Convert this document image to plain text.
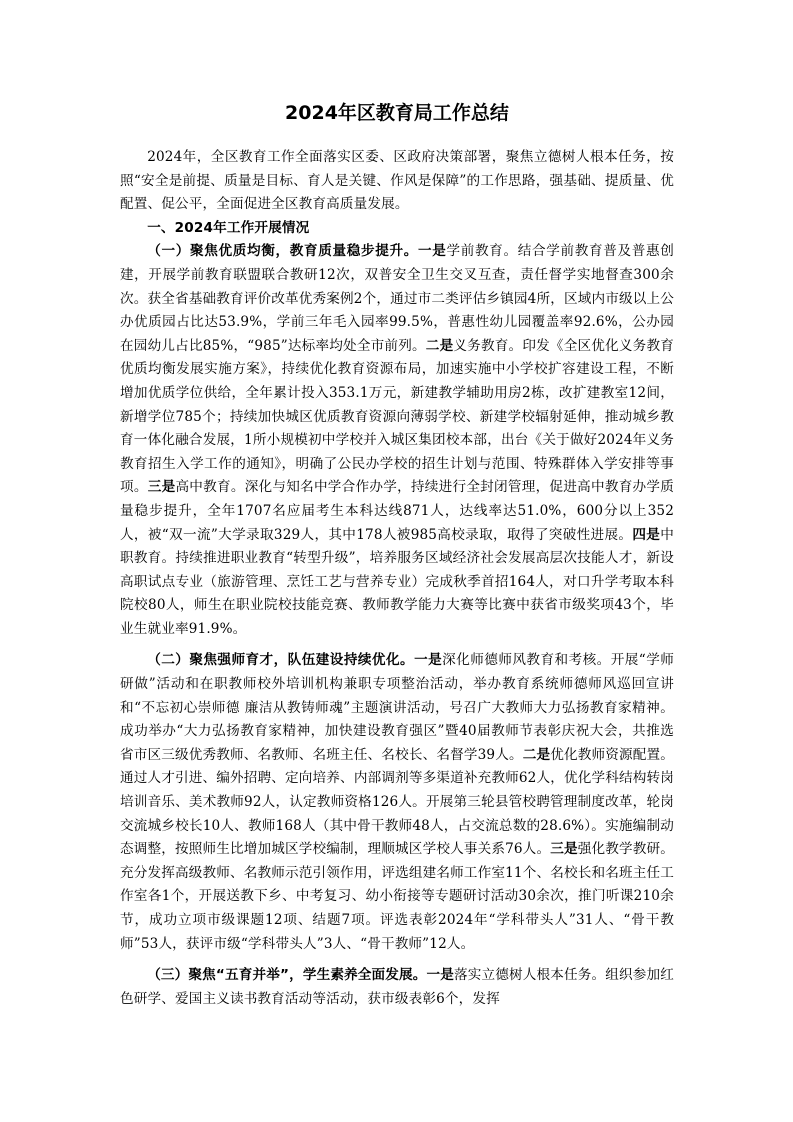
2024年区教育局工作总结

2024年，全区教育工作全面落实区委、区政府决策部署，聚焦立德树人根本任务，按照“安全是前提、质量是目标、育人是关键、作风是保障”的工作思路，强基础、提质量、优配置、促公平，全面促进全区教育高质量发展。

一、2024年工作开展情况

（一）聚焦优质均衡，教育质量稳步提升。一是学前教育。结合学前教育普及普惠创建，开展学前教育联盟联合教研12次，双普安全卫生交叉互查，责任督学实地督查300余次。获全省基础教育评价改革优秀案例2个，通过市二类评估乡镇园4所，区域内市级以上公办优质园占比达53.9%，学前三年毛入园率99.5%，普惠性幼儿园覆盖率92.6%，公办园在园幼儿占比85%，“985”达标率均处全市前列。二是义务教育。印发《全区优化义务教育优质均衡发展实施方案》，持续优化教育资源布局，加速实施中小学校扩容建设工程，不断增加优质学位供给，全年累计投入353.1万元，新建教学辅助用房2栋，改扩建教室12间，新增学位785个；持续加快城区优质教育资源向薄弱学校、新建学校辐射延伸，推动城乡教育一体化融合发展，1所小规模初中学校并入城区集团校本部，出台《关于做好2024年义务教育招生入学工作的通知》，明确了公民办学校的招生计划与范围、特殊群体入学安排等事项。三是高中教育。深化与知名中学合作办学，持续进行全封闭管理，促进高中教育办学质量稳步提升，全年1707名应届考生本科达线871人，达线率达51.0%，600分以上352人，被“双一流”大学录取329人，其中178人被985高校录取，取得了突破性进展。四是中职教育。持续推进职业教育“转型升级”，培养服务区域经济社会发展高层次技能人才，新设高职试点专业（旅游管理、烹饪工艺与营养专业）完成秋季首招164人，对口升学考取本科院校80人，师生在职业院校技能竞赛、教师教学能力大赛等比赛中获省市级奖项43个，毕业生就业率91.9%。

（二）聚焦强师育才，队伍建设持续优化。一是深化师德师风教育和考核。开展“学师研做”活动和在职教师校外培训机构兼职专项整治活动，举办教育系统师德师风巡回宣讲和“不忘初心崇师德 廉洁从教铸师魂”主题演讲活动，号召广大教师大力弘扬教育家精神。成功举办“大力弘扬教育家精神，加快建设教育强区”暨40届教师节表彰庆祝大会，共推选省市区三级优秀教师、名教师、名班主任、名校长、名督学39人。二是优化教师资源配置。通过人才引进、编外招聘、定向培养、内部调剂等多渠道补充教师62人，优化学科结构转岗培训音乐、美术教师92人，认定教师资格126人。开展第三轮县管校聘管理制度改革，轮岗交流城乡校长10人、教师168人（其中骨干教师48人，占交流总数的28.6%）。实施编制动态调整，按照师生比增加城区学校编制，理顺城区学校人事关系76人。三是强化教学教研。充分发挥高级教师、名教师示范引领作用，评选组建名师工作室11个、名校长和名班主任工作室各1个，开展送教下乡、中考复习、幼小衔接等专题研讨活动30余次，推门听课210余节，成功立项市级课题12项、结题7项。评选表彰2024年“学科带头人”31人、“骨干教师”53人，获评市级“学科带头人”3人、“骨干教师”12人。

（三）聚焦“五育并举”，学生素养全面发展。一是落实立德树人根本任务。组织参加红色研学、爱国主义读书教育活动等活动，获市级表彰6个，发挥
